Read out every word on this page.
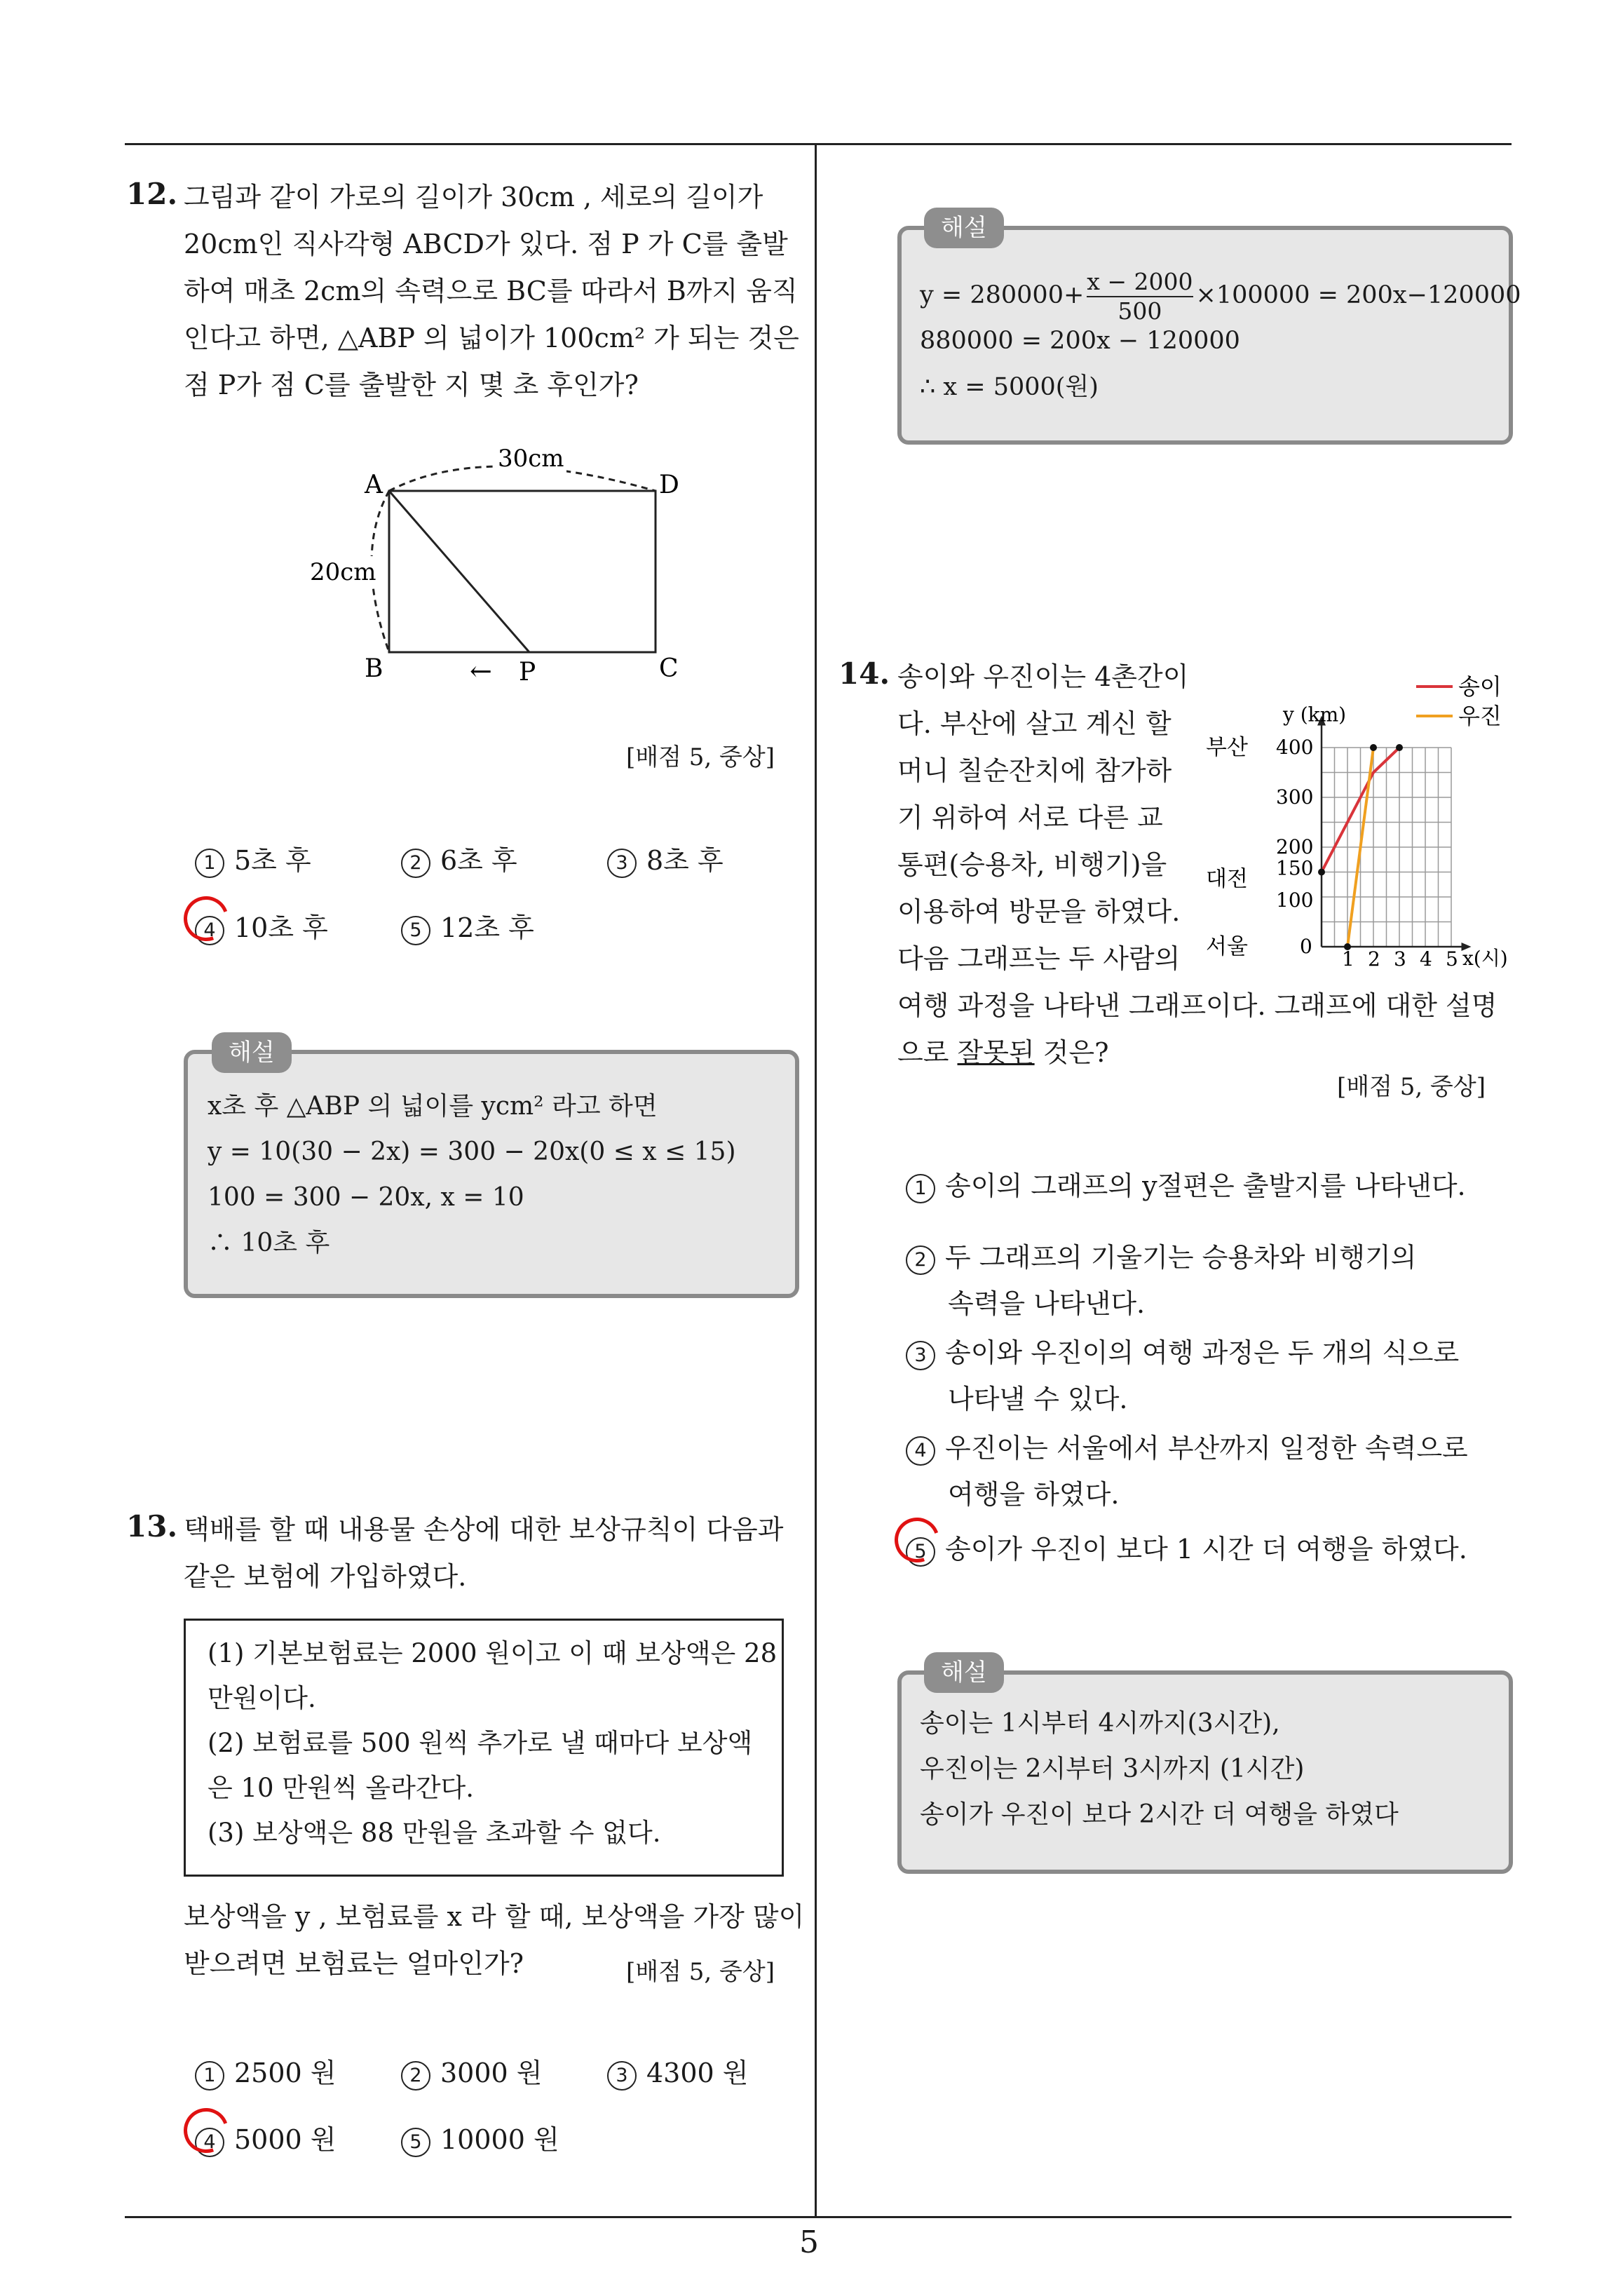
5
12. 그림과 같이 가로의 길이가 30cm , 세로의 길이가
20cm인 직사각형 ABCD가 있다. 점 P 가 C를 출발
하여 매초 2cm의 속력으로 BC를 따라서 B까지 움직
인다고 하면, △ABP 의 넓이가 100cm² 가 되는 것은
점 P가 점 C를 출발한 지 몇 초 후인가?
30cm
20cm
A	D
B	C
← P
[배점 5, 중상]
1 5초 후	2 6초 후	3 8초 후
4 10초 후	5 12초 후
해설
x초 후 △ABP 의 넓이를 ycm² 라고 하면
y = 10(30 − 2x) = 300 − 20x(0 ≤ x ≤ 15)
100 = 300 − 20x, x = 10
∴ 10초 후
13. 택배를 할 때 내용물 손상에 대한 보상규칙이 다음과
같은 보험에 가입하였다.
(1) 기본보험료는 2000 원이고 이 때 보상액은 28
만원이다.
(2) 보험료를 500 원씩 추가로 낼 때마다 보상액
은 10 만원씩 올라간다.
(3) 보상액은 88 만원을 초과할 수 없다.
보상액을 y , 보험료를 x 라 할 때, 보상액을 가장 많이
받으려면 보험료는 얼마인가?	[배점 5, 중상]
1 2500 원	2 3000 원	3 4300 원
4 5000 원	5 10000 원
해설
$y = 280000+ \frac{x - 2000}{500} \times 100000 = 200x-120000$
880000 = 200x − 120000
∴ x = 5000(원)
14. 송이와 우진이는 4촌간이
다. 부산에 살고 계신 할
머니 칠순잔치에 참가하
기 위하여 서로 다른 교
통편(승용차, 비행기)을
이용하여 방문을 하였다.
다음 그래프는 두 사람의
여행 과정을 나타낸 그래프이다. 그래프에 대한 설명
으로 잘못된 것은?
y (km)
x(시)
1 2 3 4 5
0
100
150
200
300
400
부산
대전
서울
송이
우진
[배점 5, 중상]
1 송이의 그래프의 y절편은 출발지를 나타낸다.
2 두 그래프의 기울기는 승용차와 비행기의
속력을 나타낸다.
3 송이와 우진이의 여행 과정은 두 개의 식으로
나타낼 수 있다.
4 우진이는 서울에서 부산까지 일정한 속력으로
여행을 하였다.
5 송이가 우진이 보다 1 시간 더 여행을 하였다.
해설
송이는 1시부터 4시까지(3시간),
우진이는 2시부터 3시까지 (1시간)
송이가 우진이 보다 2시간 더 여행을 하였다
